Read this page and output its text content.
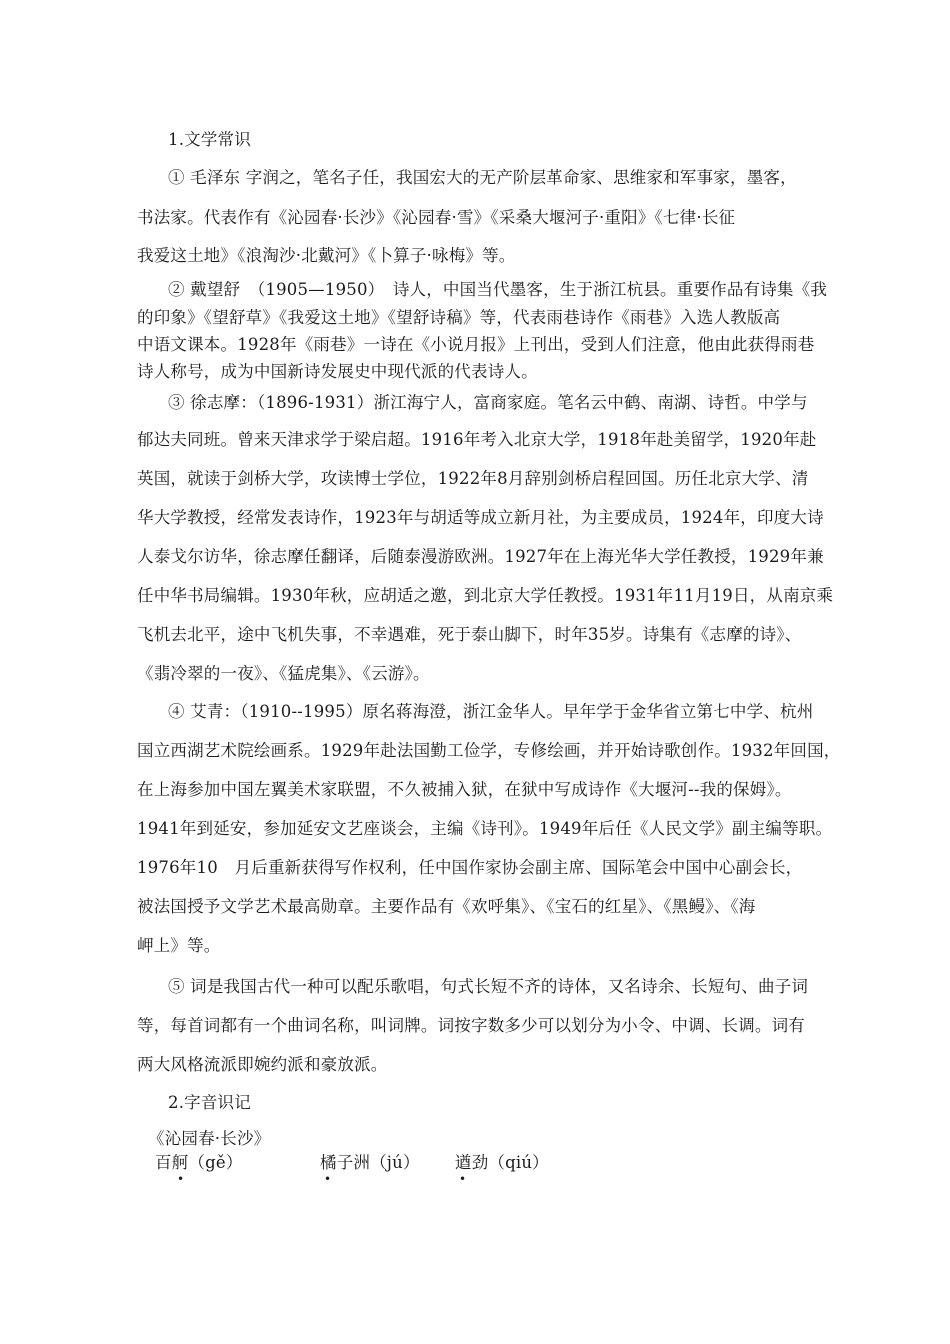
1.文学常识
① 毛泽东 字润之，笔名子任，我国宏大的无产阶层革命家、思维家和军事家，墨客，
书法家。代表作有《沁园春·长沙》《沁园春·雪》《采桑大堰河子·重阳》《七律·长征
我爱这土地》《浪淘沙·北戴河》《卜算子·咏梅》等。
② 戴望舒　（1905—1950）　诗人，中国当代墨客，生于浙江杭县。重要作品有诗集《我
的印象》《望舒草》《我爱这土地》《望舒诗稿》等，代表雨巷诗作《雨巷》入选人教版高
中语文课本。1928年《雨巷》一诗在《小说月报》上刊出，受到人们注意，他由此获得雨巷
诗人称号，成为中国新诗发展史中现代派的代表诗人。
③ 徐志摩：（1896-1931）浙江海宁人，富商家庭。笔名云中鹤、南湖、诗哲。中学与
郁达夫同班。曾来天津求学于梁启超。1916年考入北京大学，1918年赴美留学，1920年赴
英国，就读于剑桥大学，攻读博士学位，1922年8月辞别剑桥启程回国。历任北京大学、清
华大学教授，经常发表诗作，1923年与胡适等成立新月社，为主要成员，1924年，印度大诗
人泰戈尔访华，徐志摩任翻译，后随泰漫游欧洲。1927年在上海光华大学任教授，1929年兼
任中华书局编辑。1930年秋，应胡适之邀，到北京大学任教授。1931年11月19日，从南京乘
飞机去北平，途中飞机失事，不幸遇难，死于泰山脚下，时年35岁。诗集有《志摩的诗》、
《翡冷翠的一夜》、《猛虎集》、《云游》。
④ 艾青：（1910--1995）原名蒋海澄，浙江金华人。早年学于金华省立第七中学、杭州
国立西湖艺术院绘画系。1929年赴法国勤工俭学，专修绘画，并开始诗歌创作。1932年回国，
在上海参加中国左翼美术家联盟，不久被捕入狱，在狱中写成诗作《大堰河--我的保姆》。
1941年到延安，参加延安文艺座谈会，主编《诗刊》。1949年后任《人民文学》副主编等职。
1976年10　月后重新获得写作权利，任中国作家协会副主席、国际笔会中国中心副会长，
被法国授予文学艺术最高勋章。主要作品有《欢呼集》、《宝石的红星》、《黑鳗》、《海
岬上》等。
⑤ 词是我国古代一种可以配乐歌唱，句式长短不齐的诗体，又名诗余、长短句、曲子词
等，每首词都有一个曲词名称，叫词牌。词按字数多少可以划分为小令、中调、长调。词有
两大风格流派即婉约派和豪放派。
2.字音识记
《沁园春·长沙》
百舸（gě）	橘子洲（jú） 遒劲（qiú）
•	•	•
